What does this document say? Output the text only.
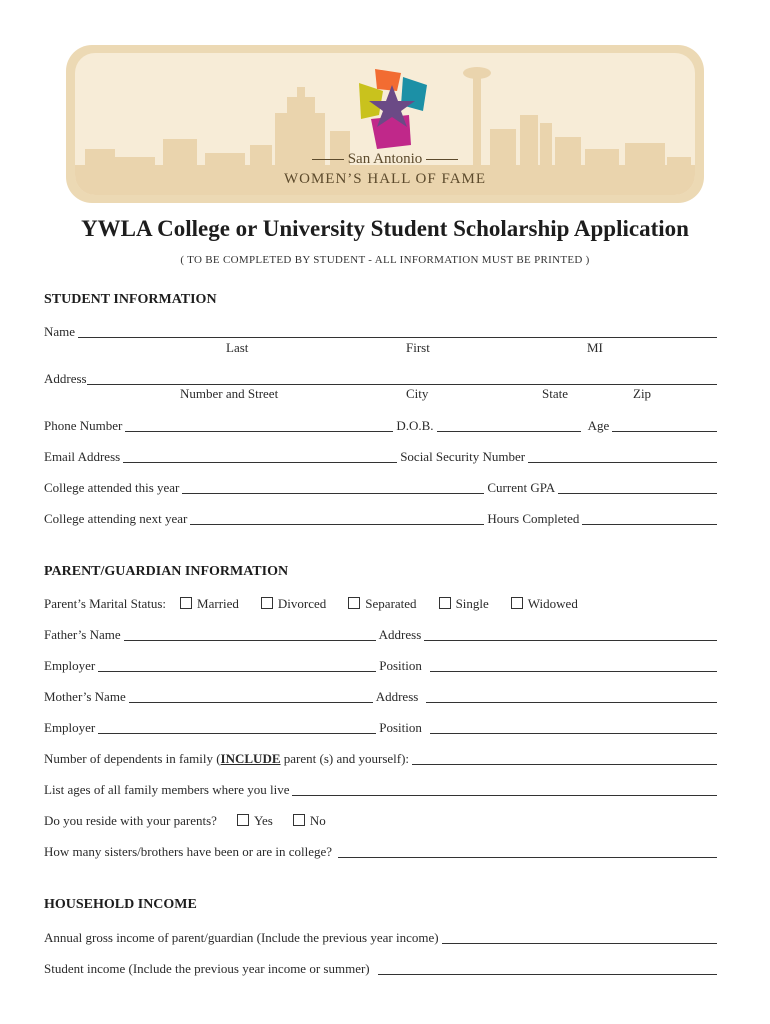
San Antonio
WOMEN’S HALL OF FAME
YWLA College or University Student Scholarship Application
( TO BE COMPLETED BY STUDENT - ALL INFORMATION MUST BE PRINTED )
STUDENT INFORMATION
Name
Last	First	MI
Address
Number and Street	City	State	Zip
Phone Number	D.O.B.	Age
Email Address	Social Security Number
College attended this year	Current GPA
College attending next year	Hours Completed
PARENT/GUARDIAN INFORMATION
Parent’s Marital Status:	Married	Divorced	Separated	Single	Widowed
Father’s Name	Address
Employer	Position
Mother’s Name	Address
Employer	Position
Number of dependents in family (INCLUDE parent (s) and yourself):
List ages of all family members where you live
Do you reside with your parents?	Yes	No
How many sisters/brothers have been or are in college?
HOUSEHOLD INCOME
Annual gross income of parent/guardian (Include the previous year income)
Student income (Include the previous year income or summer)
